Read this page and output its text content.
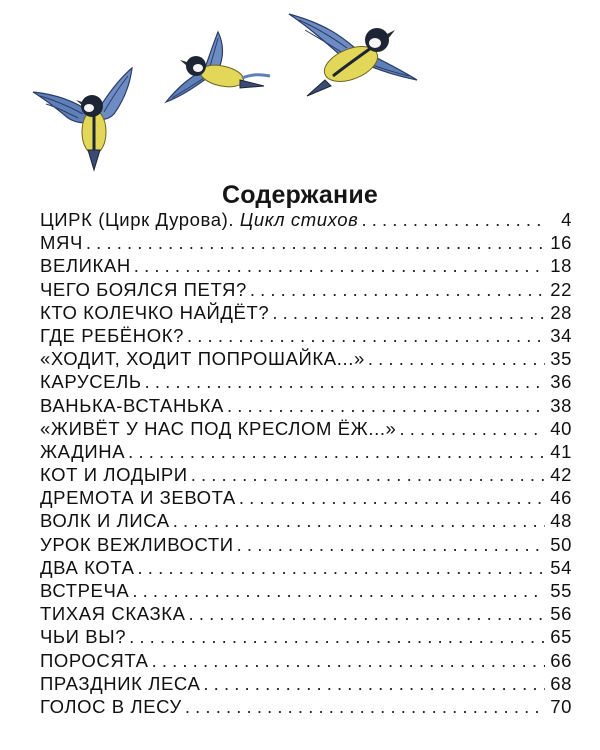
Содержание
ЦИРК (Цирк Дурова). Цикл стихов . . .	4
МЯЧ . . .	16
ВЕЛИКАН . . .	18
ЧЕГО БОЯЛСЯ ПЕТЯ? . . .	22
КТО КОЛЕЧКО НАЙДЁТ? . . .	28
ГДЕ РЕБЁНОК? . . .	34
«ХОДИТ, ХОДИТ ПОПРОШАЙКА...» . . .	35
КАРУСЕЛЬ . . .	36
ВАНЬКА-ВСТАНЬКА . . .	38
«ЖИВЁТ У НАС ПОД КРЕСЛОМ ЁЖ...» . . .	40
ЖАДИНА . . .	41
КОТ И ЛОДЫРИ . . .	42
ДРЕМОТА И ЗЕВОТА . . .	46
ВОЛК И ЛИСА . . .	48
УРОК ВЕЖЛИВОСТИ . . .	50
ДВА КОТА . . .	54
ВСТРЕЧА . . .	55
ТИХАЯ СКАЗКА . . .	56
ЧЬИ ВЫ? . . .	65
ПОРОСЯТА . . .	66
ПРАЗДНИК ЛЕСА . . .	68
ГОЛОС В ЛЕСУ . . .	70
